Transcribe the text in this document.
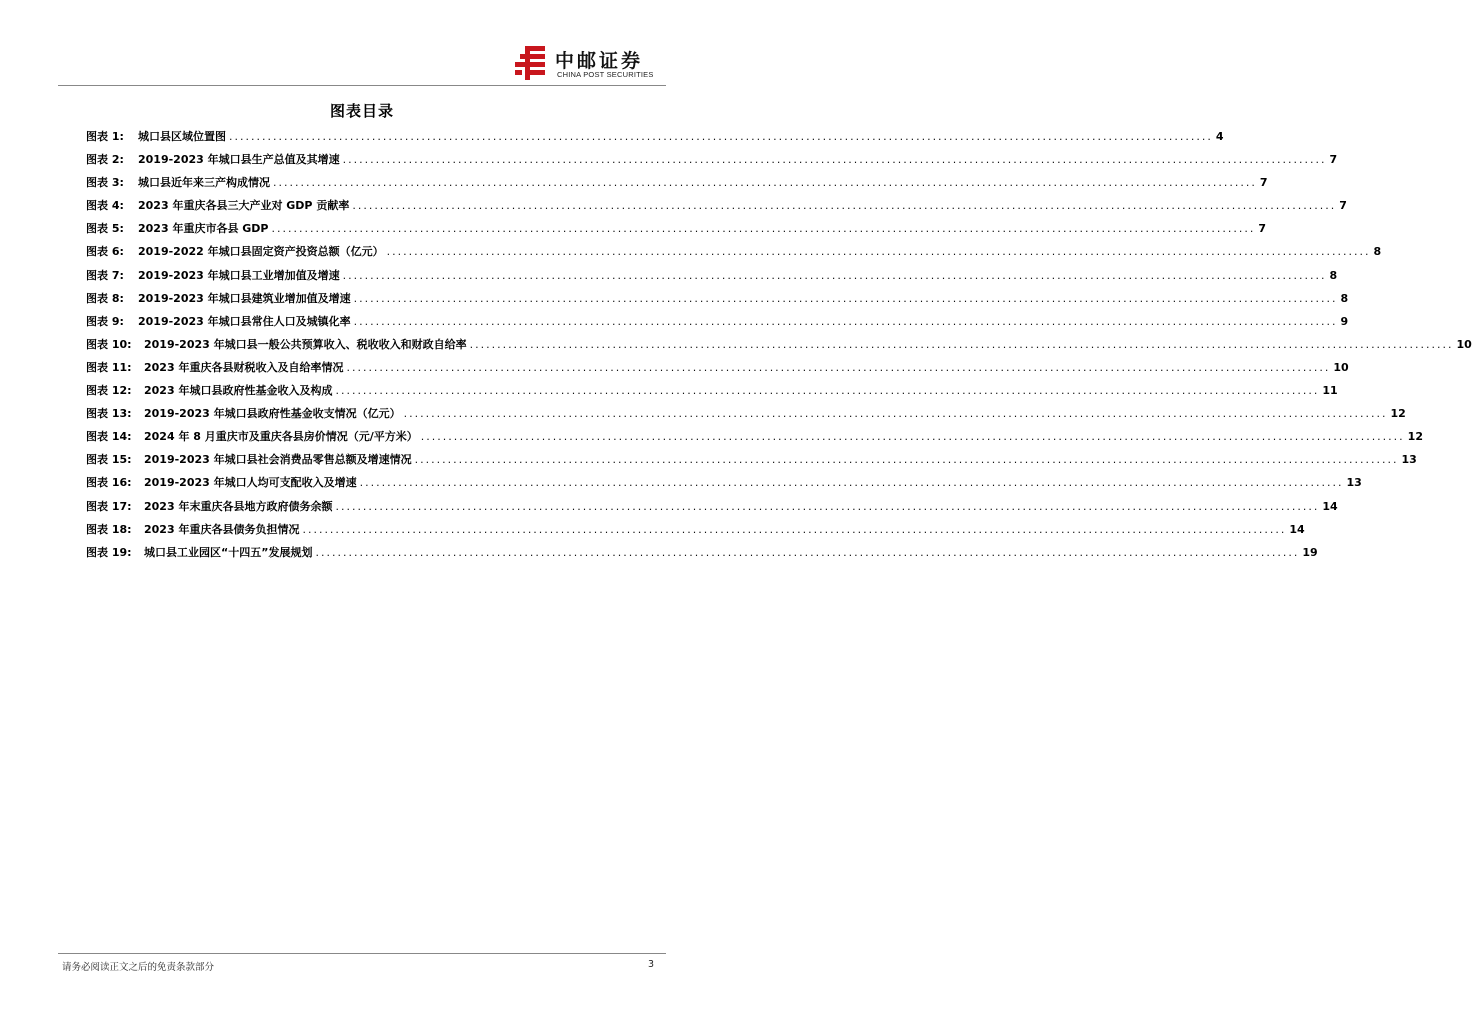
中邮证券
CHINA POST SECURITIES
图表目录
图表 1:	城口县区域位置图 .....	4
图表 2:	2019-2023 年城口县生产总值及其增速 .....	7
图表 3:	城口县近年来三产构成情况 .....	7
图表 4:	2023 年重庆各县三大产业对 GDP 贡献率 .....	7
图表 5:	2023 年重庆市各县 GDP .....	7
图表 6:	2019-2022 年城口县固定资产投资总额（亿元） .....	8
图表 7:	2019-2023 年城口县工业增加值及增速 .....	8
图表 8:	2019-2023 年城口县建筑业增加值及增速 .....	8
图表 9:	2019-2023 年城口县常住人口及城镇化率 .....	9
图表 10:	2019-2023 年城口县一般公共预算收入、税收收入和财政自给率 .....	10
图表 11:	2023 年重庆各县财税收入及自给率情况 .....	10
图表 12:	2023 年城口县政府性基金收入及构成 .....	11
图表 13:	2019-2023 年城口县政府性基金收支情况（亿元） .....	12
图表 14:	2024 年 8 月重庆市及重庆各县房价情况（元/平方米） .....	12
图表 15:	2019-2023 年城口县社会消费品零售总额及增速情况 .....	13
图表 16:	2019-2023 年城口人均可支配收入及增速 .....	13
图表 17:	2023 年末重庆各县地方政府债务余额 .....	14
图表 18:	2023 年重庆各县债务负担情况 .....	14
图表 19:	城口县工业园区“十四五”发展规划 .....	19
请务必阅读正文之后的免责条款部分	3
